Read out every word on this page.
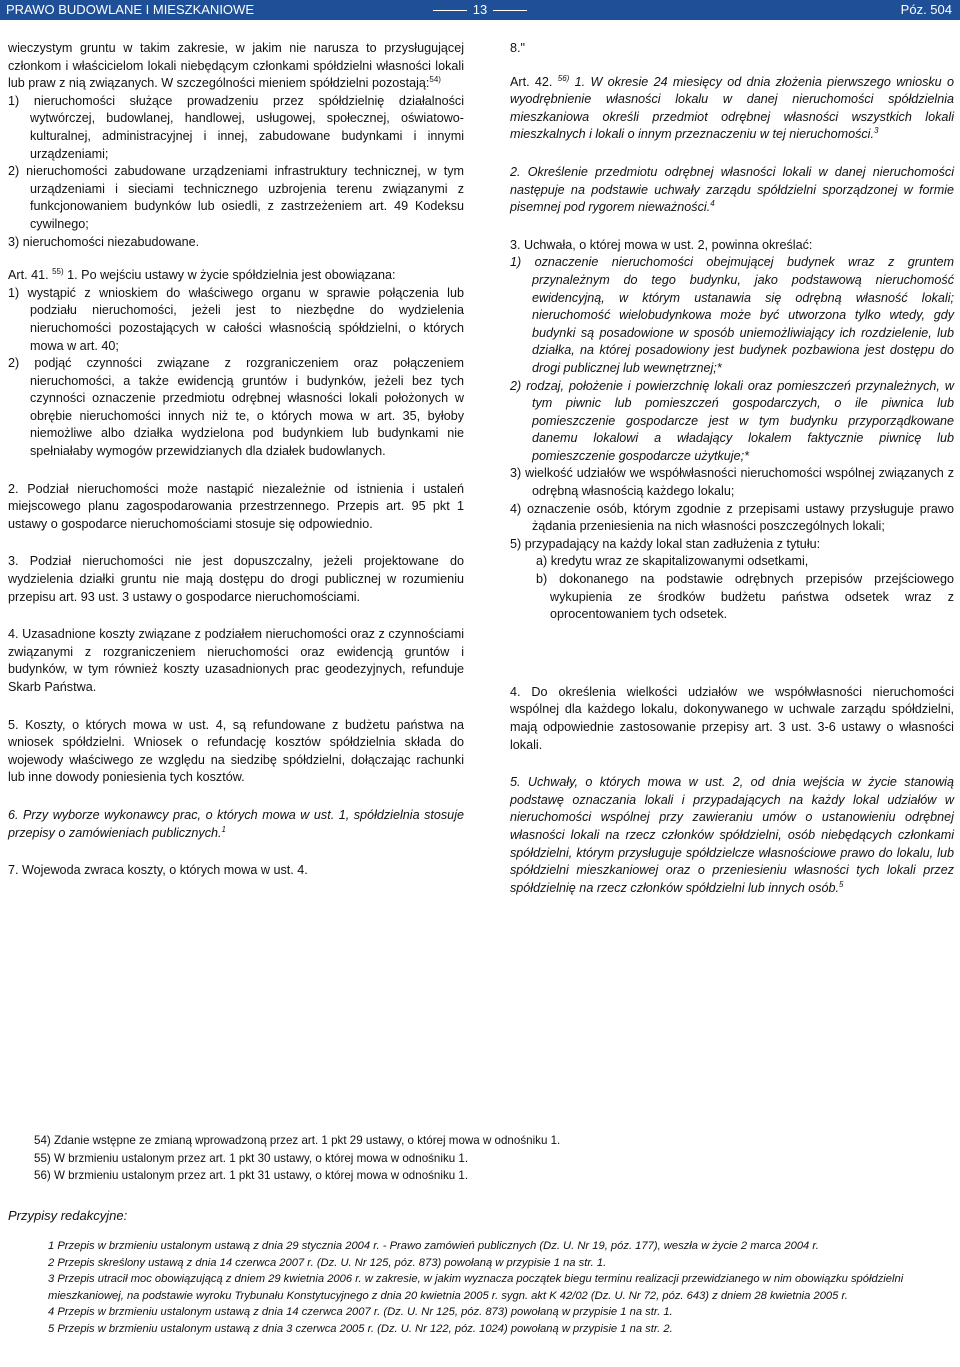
PRAWO BUDOWLANE I MIESZKANIOWE	13	Póz. 504

wieczystym gruntu w takim zakresie, w jakim nie narusza to przysługującej członkom i właścicielom lokali niebędącym członkami spółdzielni własności lokali lub praw z nią związanych. W szczególności mieniem spółdzielni pozostają:$^{54)}$

1) nieruchomości służące prowadzeniu przez spółdzielnię działalności wytwórczej, budowlanej, handlowej, usługowej, społecznej, oświatowo-kulturalnej, administracyjnej i innej, zabudowane budynkami i innymi urządzeniami;

2) nieruchomości zabudowane urządzeniami infrastruktury technicznej, w tym urządzeniami i sieciami technicznego uzbrojenia terenu związanymi z funkcjonowaniem budynków lub osiedli, z zastrzeżeniem art. 49 Kodeksu cywilnego;

3) nieruchomości niezabudowane.

Art. 41. $^{55)}$ 1. Po wejściu ustawy w życie spółdzielnia jest obowiązana:

1) wystąpić z wnioskiem do właściwego organu w sprawie połączenia lub podziału nieruchomości, jeżeli jest to niezbędne do wydzielenia nieruchomości pozostających w całości własnością spółdzielni, o których mowa w art. 40;

2) podjąć czynności związane z rozgraniczeniem oraz połączeniem nieruchomości, a także ewidencją gruntów i budynków, jeżeli bez tych czynności oznaczenie przedmiotu odrębnej własności lokali położonych w obrębie nieruchomości innych niż te, o których mowa w art. 35, byłoby niemożliwe albo działka wydzielona pod budynkiem lub budynkami nie spełniałaby wymogów przewidzianych dla działek budowlanych.

2. Podział nieruchomości może nastąpić niezależnie od istnienia i ustaleń miejscowego planu zagospodarowania przestrzennego. Przepis art. 95 pkt 1 ustawy o gospodarce nieruchomościami stosuje się odpowiednio.

3. Podział nieruchomości nie jest dopuszczalny, jeżeli projektowane do wydzielenia działki gruntu nie mają dostępu do drogi publicznej w rozumieniu przepisu art. 93 ust. 3 ustawy o gospodarce nieruchomościami.

4. Uzasadnione koszty związane z podziałem nieruchomości oraz z czynnościami związanymi z rozgraniczeniem nieruchomości oraz ewidencją gruntów i budynków, w tym również koszty uzasadnionych prac geodezyjnych, refunduje Skarb Państwa.

5. Koszty, o których mowa w ust. 4, są refundowane z budżetu państwa na wniosek spółdzielni. Wniosek o refundację kosztów spółdzielnia składa do wojewody właściwego ze względu na siedzibę spółdzielni, dołączając rachunki lub inne dowody poniesienia tych kosztów.

6. Przy wyborze wykonawcy prac, o których mowa w ust. 1, spółdzielnia stosuje przepisy o zamówieniach publicznych.$^1$

7. Wojewoda zwraca koszty, o których mowa w ust. 4.

8."

Art. 42. $^{56)}$ 1. W okresie 24 miesięcy od dnia złożenia pierwszego wniosku o wyodrębnienie własności lokalu w danej nieruchomości spółdzielnia mieszkaniowa określi przedmiot odrębnej własności wszystkich lokali mieszkalnych i lokali o innym przeznaczeniu w tej nieruchomości.$^3$

2. Określenie przedmiotu odrębnej własności lokali w danej nieruchomości następuje na podstawie uchwały zarządu spółdzielni sporządzonej w formie pisemnej pod rygorem nieważności.$^4$

3. Uchwała, o której mowa w ust. 2, powinna określać:

1) oznaczenie nieruchomości obejmującej budynek wraz z gruntem przynależnym do tego budynku, jako podstawową nieruchomość ewidencyjną, w którym ustanawia się odrębną własność lokali; nieruchomość wielobudynkowa może być utworzona tylko wtedy, gdy budynki są posadowione w sposób uniemożliwiający ich rozdzielenie, lub działka, na której posadowiony jest budynek pozbawiona jest dostępu do drogi publicznej lub wewnętrznej;*

2) rodzaj, położenie i powierzchnię lokali oraz pomieszczeń przynależnych, w tym piwnic lub pomieszczeń gospodarczych, o ile piwnica lub pomieszczenie gospodarcze jest w tym budynku przyporządkowane danemu lokalowi a władający lokalem faktycznie piwnicę lub pomieszczenie gospodarcze użytkuje;*

3) wielkość udziałów we współwłasności nieruchomości wspólnej związanych z odrębną własnością każdego lokalu;

4) oznaczenie osób, którym zgodnie z przepisami ustawy przysługuje prawo żądania przeniesienia na nich własności poszczególnych lokali;

5) przypadający na każdy lokal stan zadłużenia z tytułu:

a) kredytu wraz ze skapitalizowanymi odsetkami,

b) dokonanego na podstawie odrębnych przepisów przejściowego wykupienia ze środków budżetu państwa odsetek wraz z oprocentowaniem tych odsetek.

4. Do określenia wielkości udziałów we współwłasności nieruchomości wspólnej dla każdego lokalu, dokonywanego w uchwale zarządu spółdzielni, mają odpowiednie zastosowanie przepisy art. 3 ust. 3-6 ustawy o własności lokali.

5. Uchwały, o których mowa w ust. 2, od dnia wejścia w życie stanowią podstawę oznaczania lokali i przypadających na każdy lokal udziałów w nieruchomości wspólnej przy zawieraniu umów o ustanowieniu odrębnej własności lokali na rzecz członków spółdzielni, osób niebędących członkami spółdzielni, którym przysługuje spółdzielcze własnościowe prawo do lokalu, lub spółdzielni mieszkaniowej oraz o przeniesieniu własności tych lokali przez spółdzielnię na rzecz członków spółdzielni lub innych osób.$^5$

54) Zdanie wstępne ze zmianą wprowadzoną przez art. 1 pkt 29 ustawy, o której mowa w odnośniku 1.
55) W brzmieniu ustalonym przez art. 1 pkt 30 ustawy, o której mowa w odnośniku 1.
56) W brzmieniu ustalonym przez art. 1 pkt 31 ustawy, o której mowa w odnośniku 1.
Przypisy redakcyjne:

1 Przepis w brzmieniu ustalonym ustawą z dnia 29 stycznia 2004 r. - Prawo zamówień publicznych (Dz. U. Nr 19, póz. 177), weszła w życie 2 marca 2004 r.

2 Przepis skreślony ustawą z dnia 14 czerwca 2007 r. (Dz. U. Nr 125, póz. 873) powołaną w przypisie 1 na str. 1.

3 Przepis utracił moc obowiązującą z dniem 29 kwietnia 2006 r. w zakresie, w jakim wyznacza początek biegu terminu realizacji przewidzianego w nim obowiązku spółdzielni mieszkaniowej, na podstawie wyroku Trybunału Konstytucyjnego z dnia 20 kwietnia 2005 r. sygn. akt K 42/02 (Dz. U. Nr 72, póz. 643) z dniem 28 kwietnia 2005 r.

4 Przepis w brzmieniu ustalonym ustawą z dnia 14 czerwca 2007 r. (Dz. U. Nr 125, póz. 873) powołaną w przypisie 1 na str. 1.

5 Przepis w brzmieniu ustalonym ustawą z dnia 3 czerwca 2005 r. (Dz. U. Nr 122, póz. 1024) powołaną w przypisie 1 na str. 2.
